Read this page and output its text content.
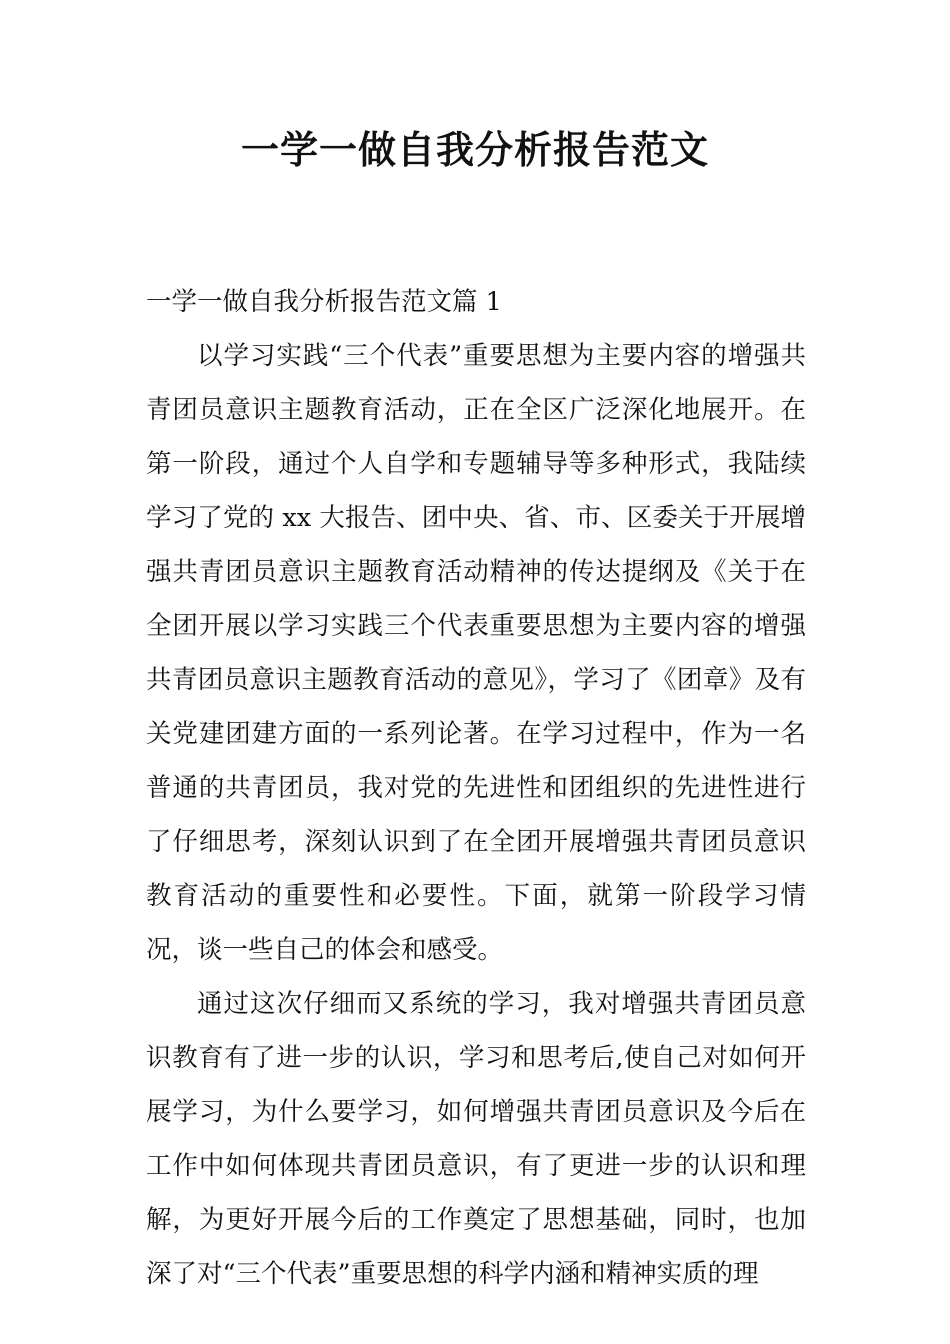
一学一做自我分析报告范文

一学一做自我分析报告范文篇 1

以学习实践“三个代表”重要思想为主要内容的增强共青团员意识主题教育活动，正在全区广泛深化地展开。在第一阶段，通过个人自学和专题辅导等多种形式，我陆续学习了党的 xx 大报告、团中央、省、市、区委关于开展增强共青团员意识主题教育活动精神的传达提纲及《关于在全团开展以学习实践三个代表重要思想为主要内容的增强共青团员意识主题教育活动的意见》，学习了《团章》及有关党建团建方面的一系列论著。在学习过程中，作为一名普通的共青团员，我对党的先进性和团组织的先进性进行了仔细思考，深刻认识到了在全团开展增强共青团员意识教育活动的重要性和必要性。下面，就第一阶段学习情况，谈一些自己的体会和感受。

通过这次仔细而又系统的学习，我对增强共青团员意识教育有了进一步的认识，学习和思考后,使自己对如何开展学习，为什么要学习，如何增强共青团员意识及今后在工作中如何体现共青团员意识，有了更进一步的认识和理解，为更好开展今后的工作奠定了思想基础，同时，也加深了对“三个代表”重要思想的科学内涵和精神实质的理
